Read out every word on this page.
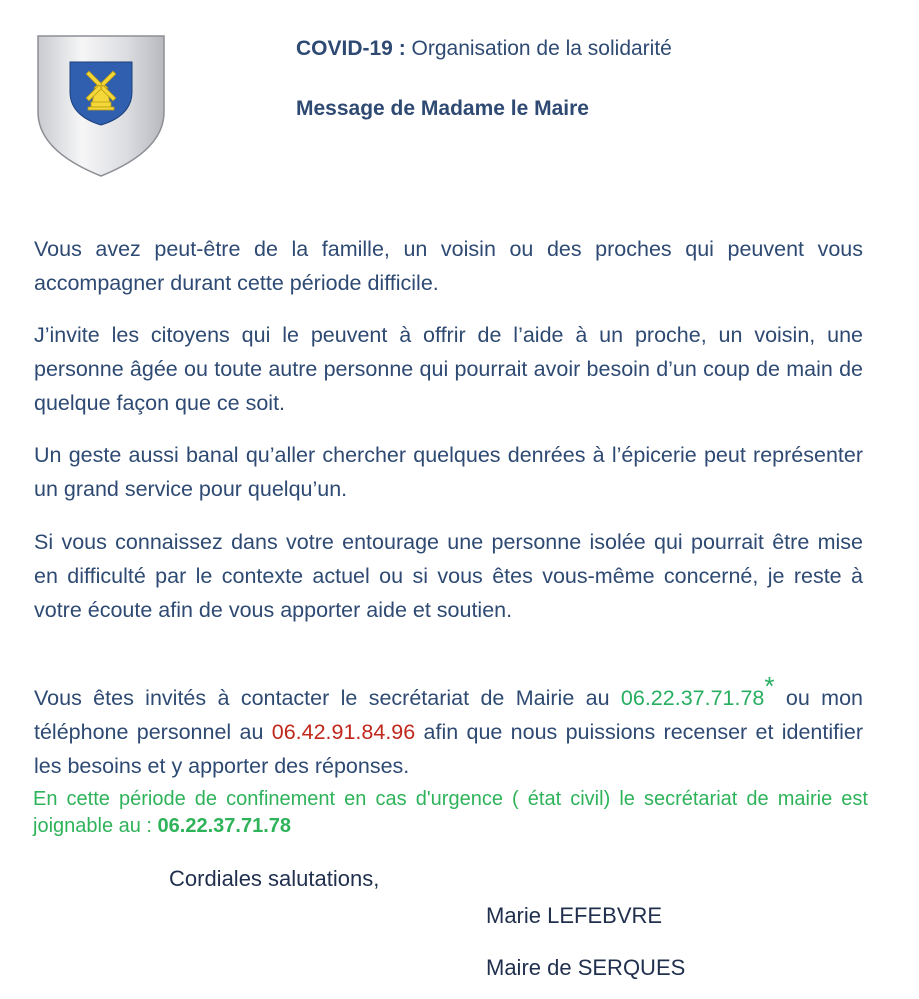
COVID-19 : Organisation de la solidarité
Message de Madame le Maire

Vous avez peut-être de la famille, un voisin ou des proches qui peuvent vous accompagner durant cette période difficile.

J’invite les citoyens qui le peuvent à offrir de l’aide à un proche, un voisin, une personne âgée ou toute autre personne qui pourrait avoir besoin d’un coup de main de quelque façon que ce soit.

Un geste aussi banal qu’aller chercher quelques denrées à l’épicerie peut représenter un grand service pour quelqu’un.

Si vous connaissez dans votre entourage une personne isolée qui pourrait être mise en difficulté par le contexte actuel ou si vous êtes vous-même concerné, je reste à votre écoute afin de vous apporter aide et soutien.

Vous êtes invités à contacter le secrétariat de Mairie au 06.22.37.71.78* ou mon téléphone personnel au 06.42.91.84.96 afin que nous puissions recenser et identifier les besoins et y apporter des réponses.

En cette période de confinement en cas d'urgence ( état civil) le secrétariat de mairie est joignable au : 06.22.37.71.78

Cordiales salutations,
Marie LEFEBVRE
Maire de SERQUES
